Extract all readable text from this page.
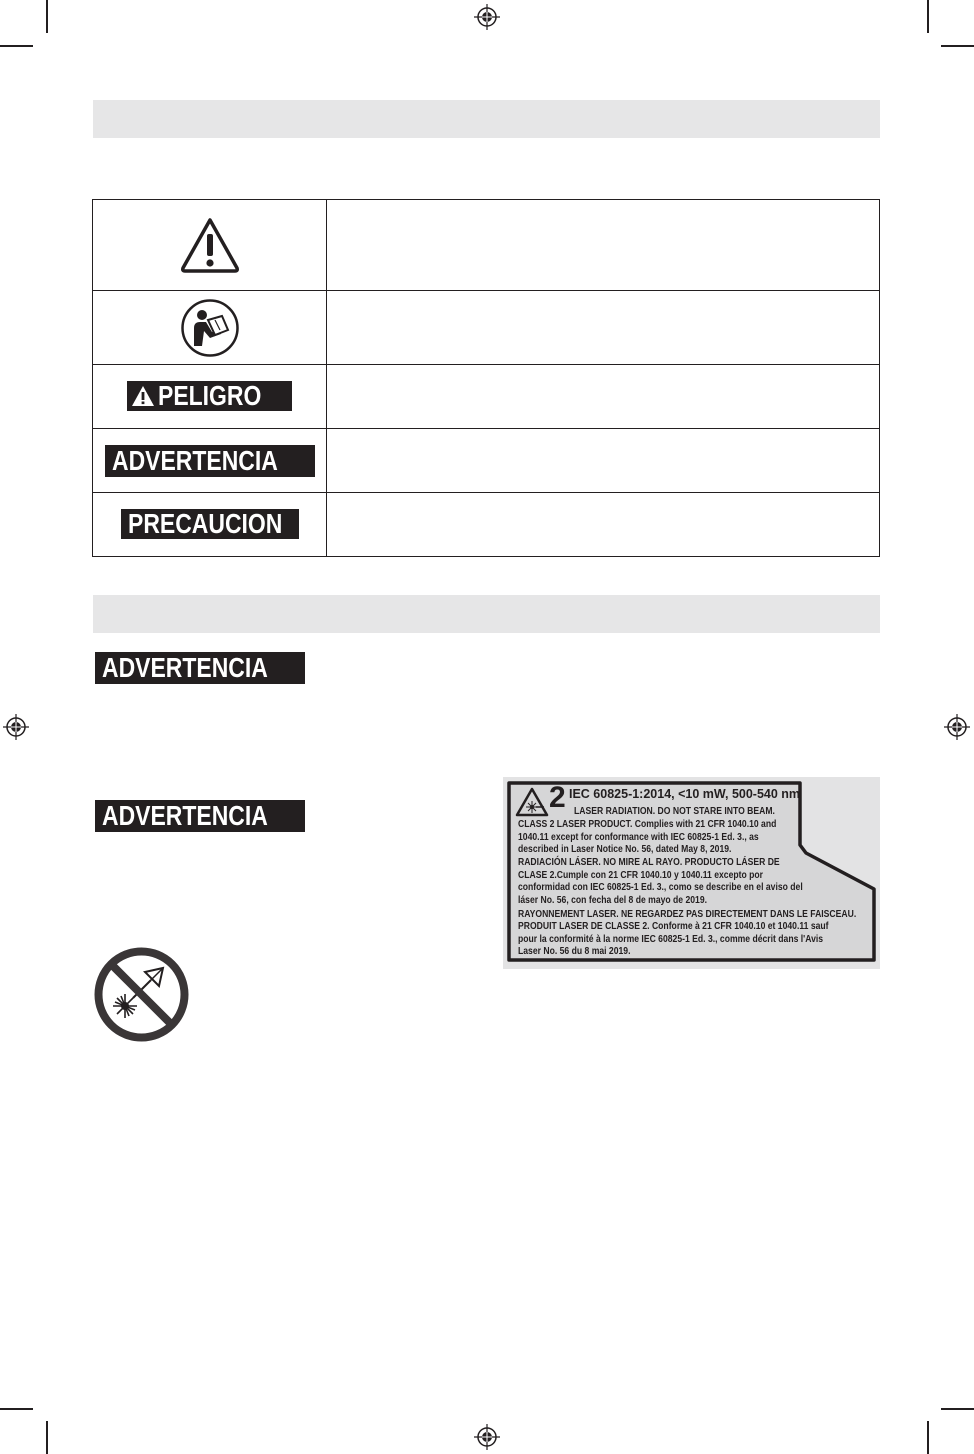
PELIGRO	

ADVERTENCIA	

PRECAUCION	

ADVERTENCIA
ADVERTENCIA
2 IEC 60825-1:2014, <10 mW, 500-540 nm
LASER RADIATION. DO NOT STARE INTO BEAM.
CLASS 2 LASER PRODUCT. Complies with 21 CFR 1040.10 and
1040.11 except for conformance with IEC 60825-1 Ed. 3., as
described in Laser Notice No. 56, dated May 8, 2019.
RADIACIÓN LÁSER. NO MIRE AL RAYO. PRODUCTO LÁSER DE
CLASE 2.Cumple con 21 CFR 1040.10 y 1040.11 excepto por
conformidad con IEC 60825-1 Ed. 3., como se describe en el aviso del
láser No. 56, con fecha del 8 de mayo de 2019.
RAYONNEMENT LASER. NE REGARDEZ PAS DIRECTEMENT DANS LE FAISCEAU.
PRODUIT LASER DE CLASSE 2. Conforme à 21 CFR 1040.10 et 1040.11 sauf
pour la conformité à la norme IEC 60825-1 Ed. 3., comme décrit dans l'Avis
Laser No. 56 du 8 mai 2019.
